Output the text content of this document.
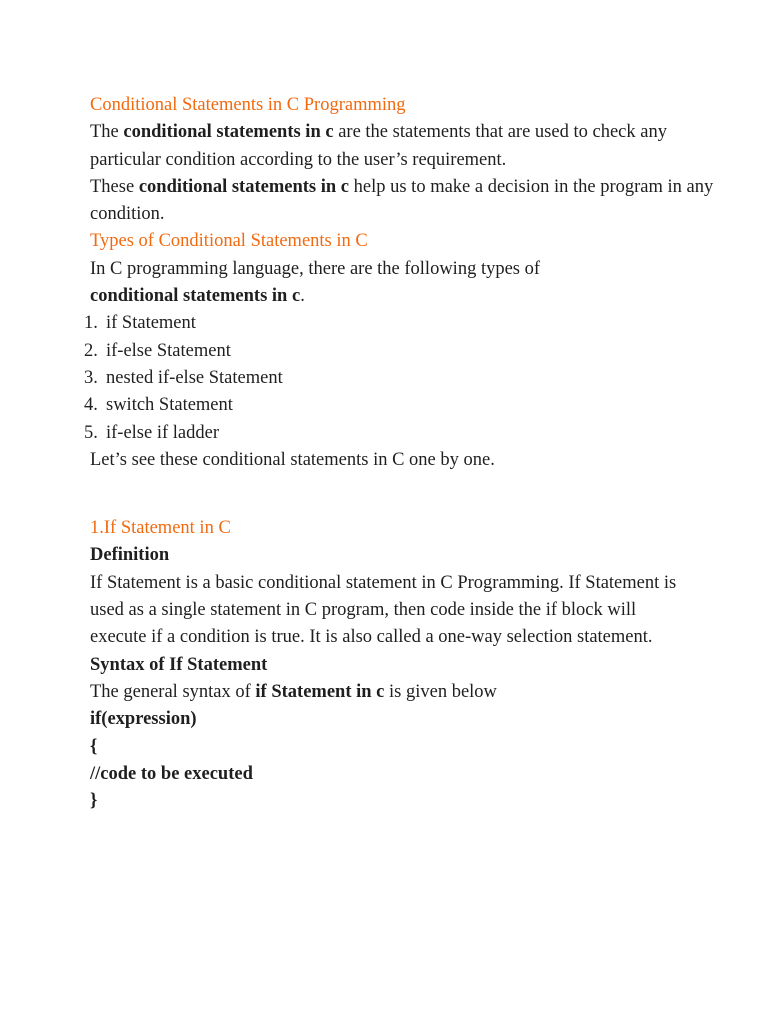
Conditional Statements in C Programming

The conditional statements in c are the statements that are used to check any particular condition according to the user’s requirement.

These conditional statements in c help us to make a decision in the program in any condition.

Types of Conditional Statements in C

In C programming language, there are the following types of conditional statements in c.

1. if Statement
2. if-else Statement
3. nested if-else Statement
4. switch Statement
5. if-else if ladder

Let’s see these conditional statements in C one by one.

1.If Statement in C

Definition

If Statement is a basic conditional statement in C Programming. If Statement is used as a single statement in C program, then code inside the if block will execute if a condition is true. It is also called a one-way selection statement.

Syntax of If Statement

The general syntax of if Statement in c is given below

if(expression)

{

//code to be executed

}
